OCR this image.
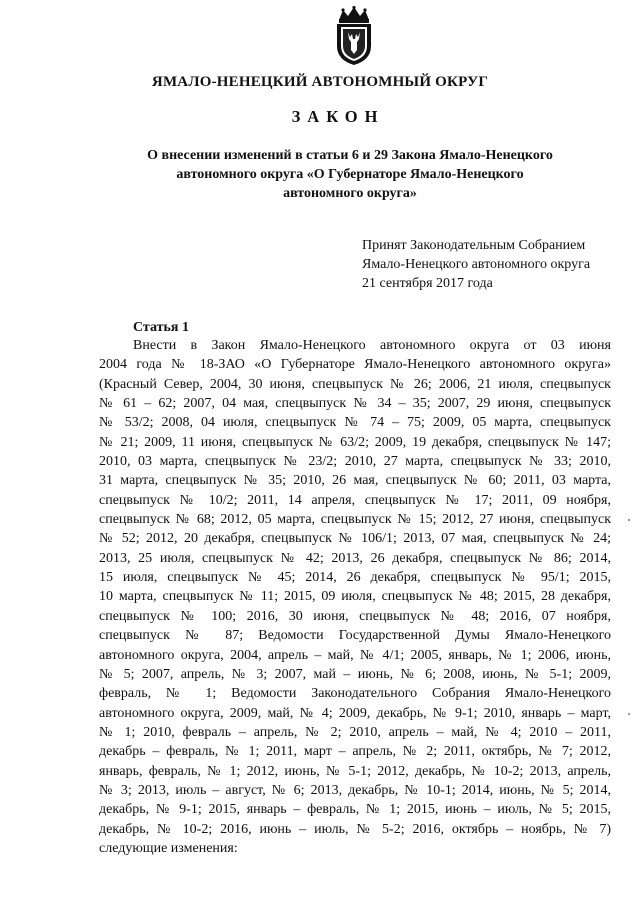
ЯМАЛО-НЕНЕЦКИЙ АВТОНОМНЫЙ ОКРУГ
ЗАКОН
О внесении изменений в статьи 6 и 29 Закона Ямало-Ненецкого
автономного округа «О Губернаторе Ямало-Ненецкого
автономного округа»
Принят Законодательным Собранием
Ямало-Ненецкого автономного округа
21 сентября 2017 года
Статья 1
Внести в Закон Ямало-Ненецкого автономного округа от 03 июня
2004 года № 18-ЗАО «О Губернаторе Ямало-Ненецкого автономного округа»
(Красный Север, 2004, 30 июня, спецвыпуск № 26; 2006, 21 июля, спецвыпуск
№ 61 – 62; 2007, 04 мая, спецвыпуск № 34 – 35; 2007, 29 июня, спецвыпуск
№ 53/2; 2008, 04 июля, спецвыпуск № 74 – 75; 2009, 05 марта, спецвыпуск
№ 21; 2009, 11 июня, спецвыпуск № 63/2; 2009, 19 декабря, спецвыпуск № 147;
2010, 03 марта, спецвыпуск № 23/2; 2010, 27 марта, спецвыпуск № 33; 2010,
31 марта, спецвыпуск № 35; 2010, 26 мая, спецвыпуск № 60; 2011, 03 марта,
спецвыпуск № 10/2; 2011, 14 апреля, спецвыпуск № 17; 2011, 09 ноября,
спецвыпуск № 68; 2012, 05 марта, спецвыпуск № 15; 2012, 27 июня, спецвыпуск
№ 52; 2012, 20 декабря, спецвыпуск № 106/1; 2013, 07 мая, спецвыпуск № 24;
2013, 25 июля, спецвыпуск № 42; 2013, 26 декабря, спецвыпуск № 86; 2014,
15 июля, спецвыпуск № 45; 2014, 26 декабря, спецвыпуск № 95/1; 2015,
10 марта, спецвыпуск № 11; 2015, 09 июля, спецвыпуск № 48; 2015, 28 декабря,
спецвыпуск № 100; 2016, 30 июня, спецвыпуск № 48; 2016, 07 ноября,
спецвыпуск № 87; Ведомости Государственной Думы Ямало-Ненецкого
автономного округа, 2004, апрель – май, № 4/1; 2005, январь, № 1; 2006, июнь,
№ 5; 2007, апрель, № 3; 2007, май – июнь, № 6; 2008, июнь, № 5-1; 2009,
февраль, № 1; Ведомости Законодательного Собрания Ямало-Ненецкого
автономного округа, 2009, май, № 4; 2009, декабрь, № 9-1; 2010, январь – март,
№ 1; 2010, февраль – апрель, № 2; 2010, апрель – май, № 4; 2010 – 2011,
декабрь – февраль, № 1; 2011, март – апрель, № 2; 2011, октябрь, № 7; 2012,
январь, февраль, № 1; 2012, июнь, № 5-1; 2012, декабрь, № 10-2; 2013, апрель,
№ 3; 2013, июль – август, № 6; 2013, декабрь, № 10-1; 2014, июнь, № 5; 2014,
декабрь, № 9-1; 2015, январь – февраль, № 1; 2015, июнь – июль, № 5; 2015,
декабрь, № 10-2; 2016, июнь – июль, № 5-2; 2016, октябрь – ноябрь, № 7)
следующие изменения:
